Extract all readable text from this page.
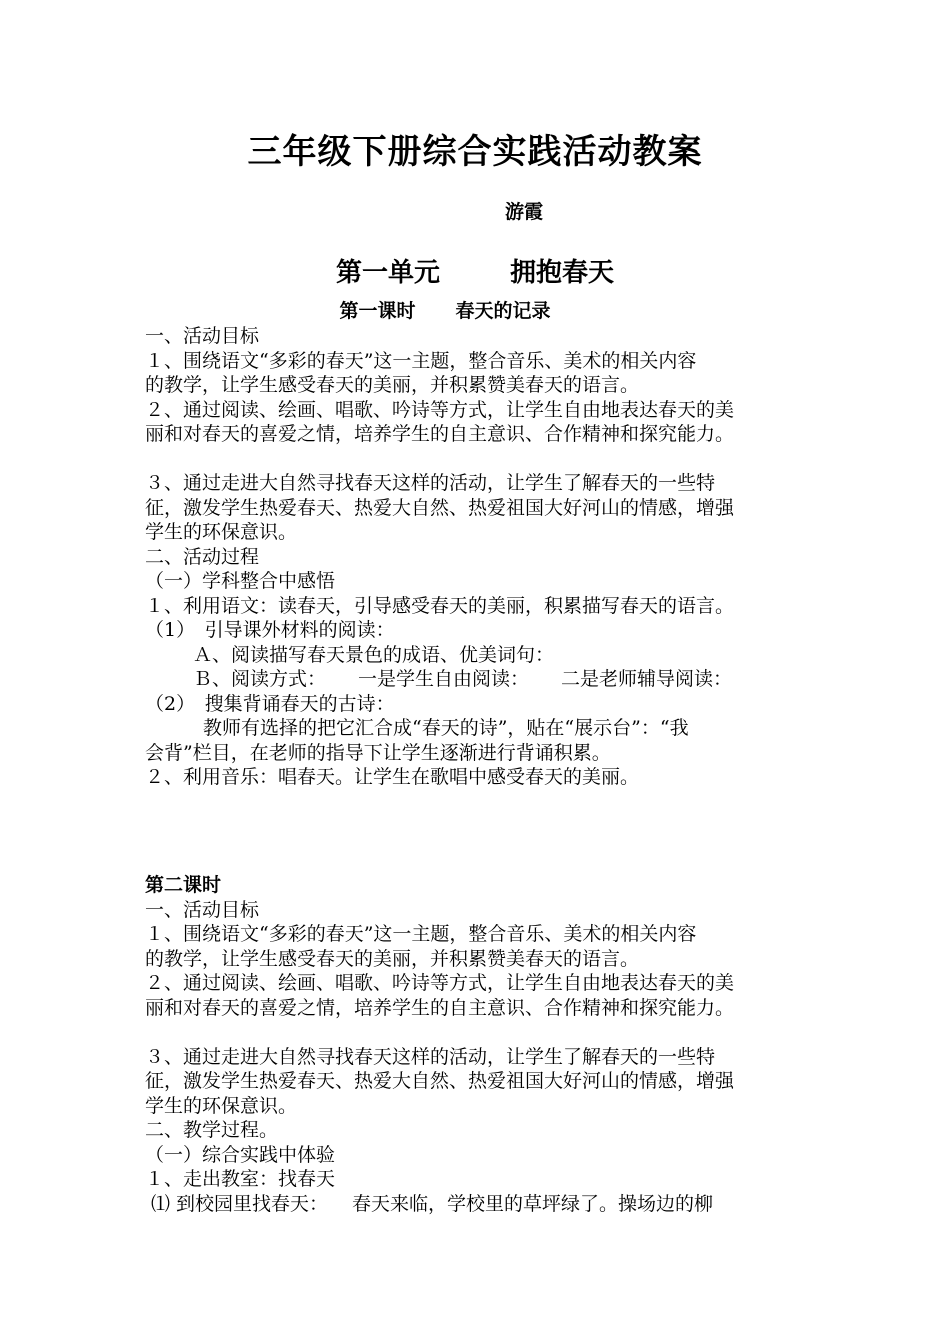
三年级下册综合实践活动教案
游霞
第一单元	拥抱春天
第一课时 春天的记录
一、活动目标
１、围绕语文“多彩的春天”这一主题，整合音乐、美术的相关内容
的教学，让学生感受春天的美丽，并积累赞美春天的语言。
２、通过阅读、绘画、唱歌、吟诗等方式，让学生自由地表达春天的美
丽和对春天的喜爱之情，培养学生的自主意识、合作精神和探究能力。
３、通过走进大自然寻找春天这样的活动，让学生了解春天的一些特
征，激发学生热爱春天、热爱大自然、热爱祖国大好河山的情感，增强
学生的环保意识。
二、活动过程
（一）学科整合中感悟
１、利用语文：读春天，引导感受春天的美丽，积累描写春天的语言。
（1）　引导课外材料的阅读：
Ａ、阅读描写春天景色的成语、优美词句：
Ｂ、阅读方式： 一是学生自由阅读： 二是老师辅导阅读：
（2）　搜集背诵春天的古诗：
教师有选择的把它汇合成“春天的诗”，贴在“展示台”：“我
会背”栏目，在老师的指导下让学生逐渐进行背诵积累。
２、利用音乐：唱春天。让学生在歌唱中感受春天的美丽。
第二课时
一、活动目标
１、围绕语文“多彩的春天”这一主题，整合音乐、美术的相关内容
的教学，让学生感受春天的美丽，并积累赞美春天的语言。
２、通过阅读、绘画、唱歌、吟诗等方式，让学生自由地表达春天的美
丽和对春天的喜爱之情，培养学生的自主意识、合作精神和探究能力。
３、通过走进大自然寻找春天这样的活动，让学生了解春天的一些特
征，激发学生热爱春天、热爱大自然、热爱祖国大好河山的情感，增强
学生的环保意识。
二、教学过程。
（一）综合实践中体验
１、走出教室：找春天
⑴ 到校园里找春天： 春天来临，学校里的草坪绿了。操场边的柳
